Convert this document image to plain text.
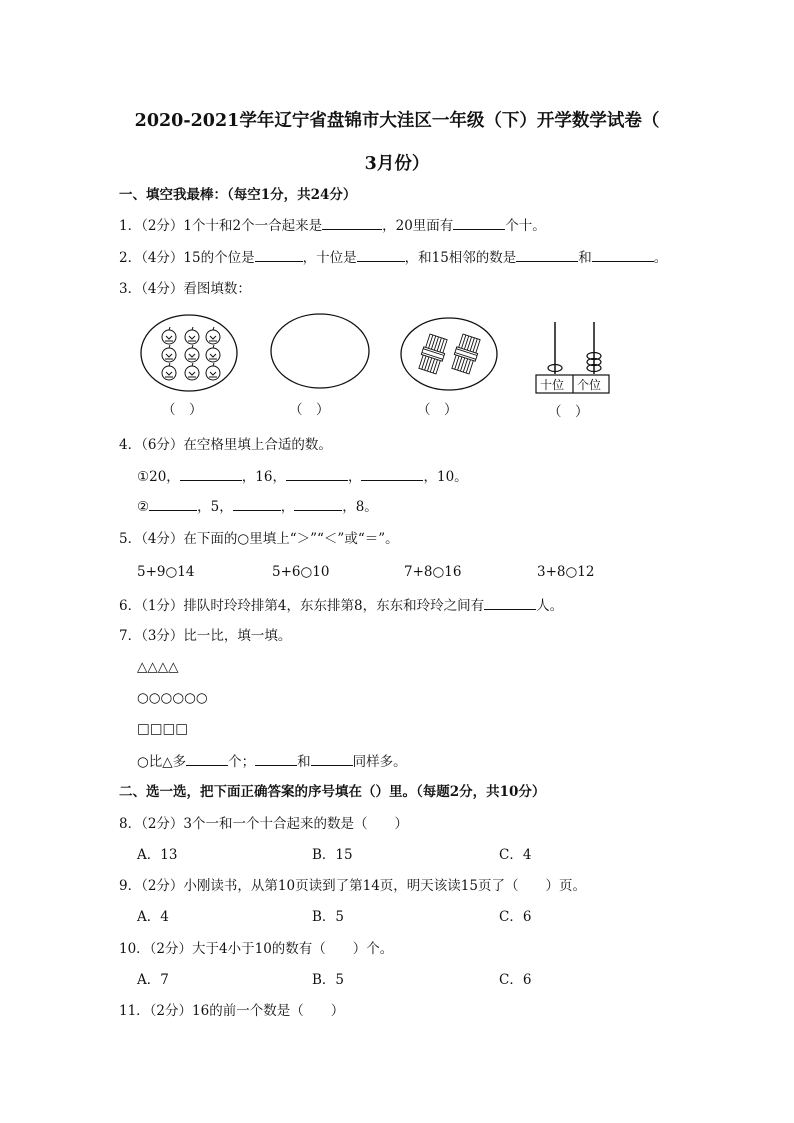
2020-2021学年辽宁省盘锦市大洼区一年级（下）开学数学试卷（
3月份）
一、填空我最棒：（每空1分，共24分）
1．（2分）1个十和2个一合起来是	，20里面有	个十。
2．（4分）15的个位是	，十位是	，和15相邻的数是	和	。
3．（4分）看图填数：
十位 个位
（　）	（　）	（　）	（　）
4．（6分）在空格里填上合适的数。
①20，	，16，	，	，10。
②	，5，	，	，8。
5．（4分）在下面的○里填上“＞”“＜”或“＝”。
5+9○14	5+6○10	7+8○16	3+8○12
6．（1分）排队时玲玲排第4，东东排第8，东东和玲玲之间有	人。
7．（3分）比一比，填一填。
△△△△
○○○○○○
□□□□
○比△多	个；	和	同样多。
二、选一选，把下面正确答案的序号填在（）里。（每题2分，共10分）
8．（2分）3个一和一个十合起来的数是（　　）
A．13	B．15	C．4
9．（2分）小刚读书，从第10页读到了第14页，明天该读15页了（　　）页。
A．4	B．5	C．6
10．（2分）大于4小于10的数有（　　）个。
A．7	B．5	C．6
11．（2分）16的前一个数是（　　）
